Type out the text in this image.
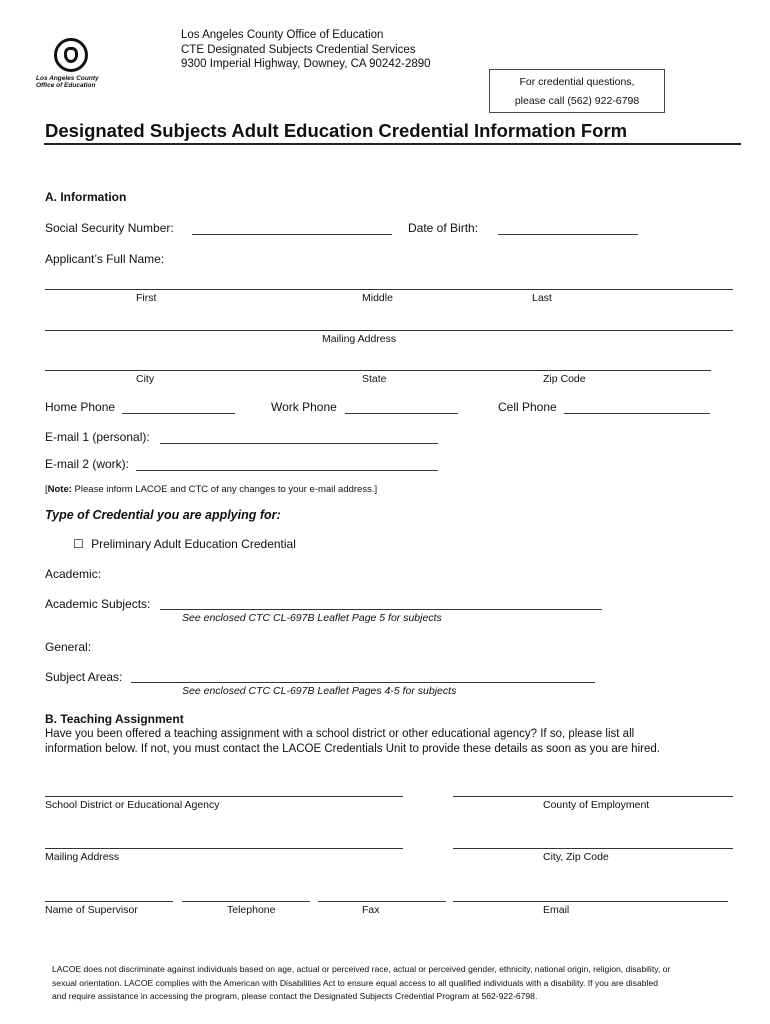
Los Angeles County
Office of Education
Los Angeles County Office of Education
CTE Designated Subjects Credential Services
9300 Imperial Highway, Downey, CA 90242-2890
For credential questions,
please call (562) 922-6798
Designated Subjects Adult Education Credential Information Form
A. Information
Social Security Number:	Date of Birth:
Applicant’s Full Name:
First	Middle	Last
Mailing Address
City	State	Zip Code
Home Phone	Work Phone	Cell Phone
E-mail 1 (personal):
E-mail 2 (work):
[Note: Please inform LACOE and CTC of any changes to your e-mail address.]
Type of Credential you are applying for:
☐ Preliminary Adult Education Credential
Academic:
Academic Subjects:
See enclosed CTC CL-697B Leaflet Page 5 for subjects
General:
Subject Areas:
See enclosed CTC CL-697B Leaflet Pages 4-5 for subjects
B. Teaching Assignment
Have you been offered a teaching assignment with a school district or other educational agency? If so, please list all
information below. If not, you must contact the LACOE Credentials Unit to provide these details as soon as you are hired.
School District or Educational Agency	County of Employment
Mailing Address	City, Zip Code
Name of Supervisor	Telephone	Fax	Email
LACOE does not discriminate against individuals based on age, actual or perceived race, actual or perceived gender, ethnicity, national origin, religion, disability, or
sexual orientation. LACOE complies with the American with Disabilities Act to ensure equal access to all qualified individuals with a disability. If you are disabled
and require assistance in accessing the program, please contact the Designated Subjects Credential Program at 562-922-6798.
